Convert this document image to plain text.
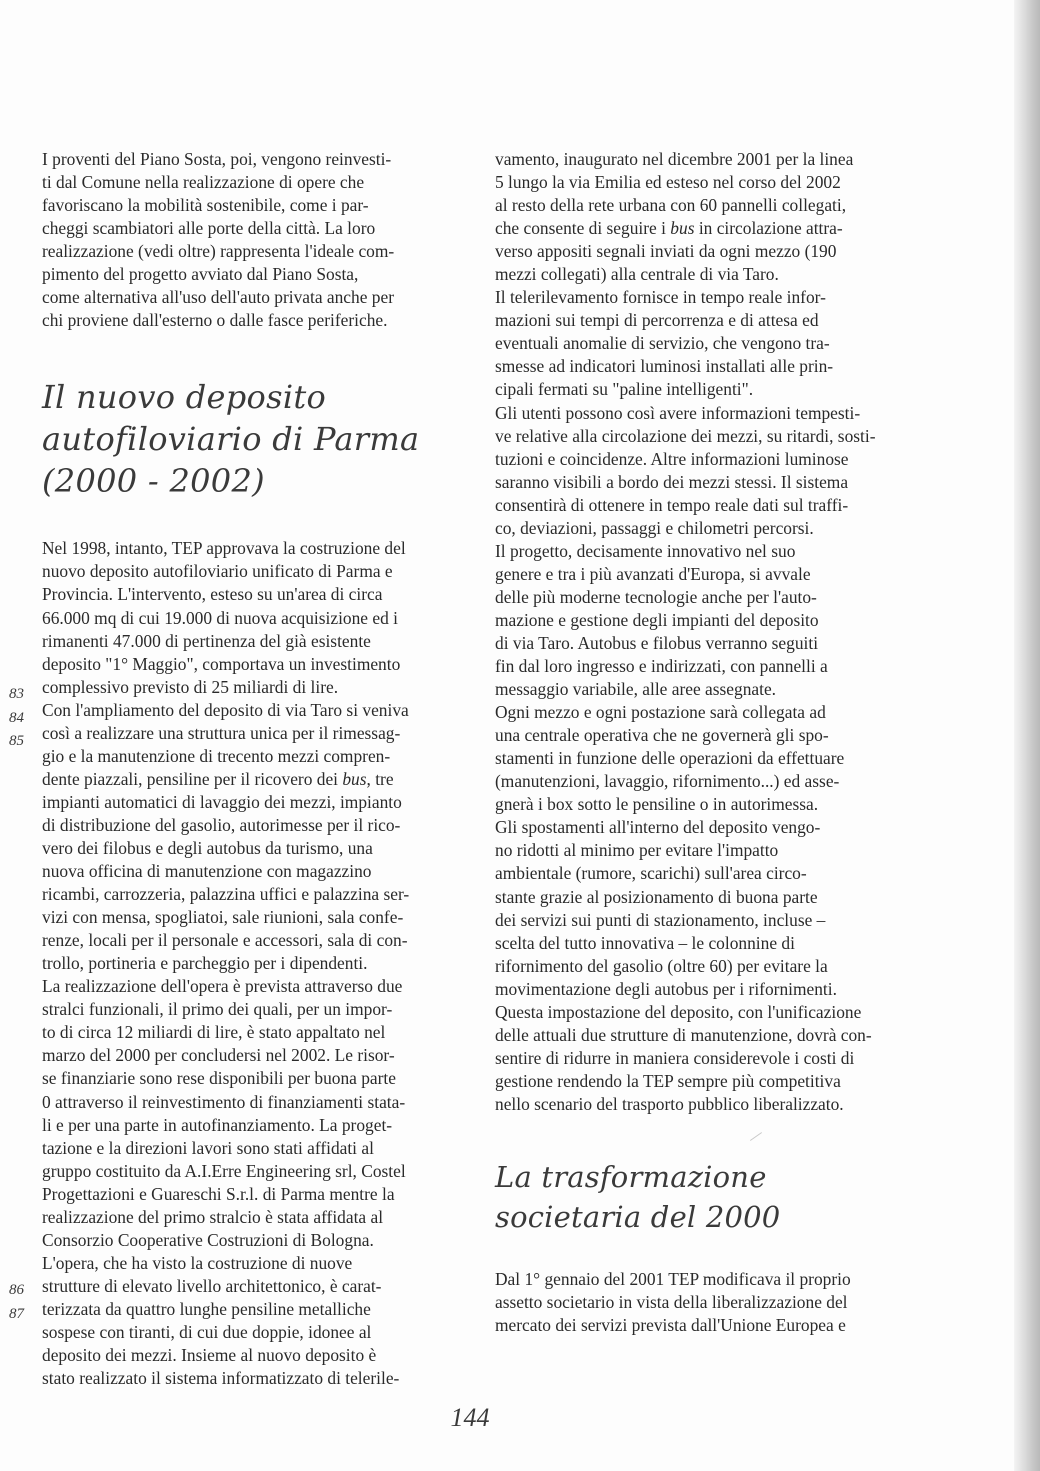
I proventi del Piano Sosta, poi, vengono reinvesti-
ti dal Comune nella realizzazione di opere che
favoriscano la mobilità sostenibile, come i par-
cheggi scambiatori alle porte della città. La loro
realizzazione (vedi oltre) rappresenta l'ideale com-
pimento del progetto avviato dal Piano Sosta,
come alternativa all'uso dell'auto privata anche per
chi proviene dall'esterno o dalle fasce periferiche.

Il nuovo deposito
autofiloviario di Parma
(2000 - 2002)

Nel 1998, intanto, TEP approvava la costruzione del
nuovo deposito autofiloviario unificato di Parma e
Provincia. L'intervento, esteso su un'area di circa
66.000 mq di cui 19.000 di nuova acquisizione ed i
rimanenti 47.000 di pertinenza del già esistente
deposito "1° Maggio", comportava un investimento
complessivo previsto di 25 miliardi di lire.

Con l'ampliamento del deposito di via Taro si veniva
così a realizzare una struttura unica per il rimessag-
gio e la manutenzione di trecento mezzi compren-
dente piazzali, pensiline per il ricovero dei bus, tre
impianti automatici di lavaggio dei mezzi, impianto
di distribuzione del gasolio, autorimesse per il rico-
vero dei filobus e degli autobus da turismo, una
nuova officina di manutenzione con magazzino
ricambi, carrozzeria, palazzina uffici e palazzina ser-
vizi con mensa, spogliatoi, sale riunioni, sala confe-
renze, locali per il personale e accessori, sala di con-
trollo, portineria e parcheggio per i dipendenti.

La realizzazione dell'opera è prevista attraverso due
stralci funzionali, il primo dei quali, per un impor-
to di circa 12 miliardi di lire, è stato appaltato nel
marzo del 2000 per concludersi nel 2002. Le risor-
se finanziarie sono rese disponibili per buona parte
0 attraverso il reinvestimento di finanziamenti stata-
li e per una parte in autofinanziamento. La proget-
tazione e la direzioni lavori sono stati affidati al
gruppo costituito da A.I.Erre Engineering srl, Costel
Progettazioni e Guareschi S.r.l. di Parma mentre la
realizzazione del primo stralcio è stata affidata al
Consorzio Cooperative Costruzioni di Bologna.
L'opera, che ha visto la costruzione di nuove
strutture di elevato livello architettonico, è carat-
terizzata da quattro lunghe pensiline metalliche
sospese con tiranti, di cui due doppie, idonee al
deposito dei mezzi. Insieme al nuovo deposito è
stato realizzato il sistema informatizzato di telerile-

vamento, inaugurato nel dicembre 2001 per la linea
5 lungo la via Emilia ed esteso nel corso del 2002
al resto della rete urbana con 60 pannelli collegati,
che consente di seguire i bus in circolazione attra-
verso appositi segnali inviati da ogni mezzo (190
mezzi collegati) alla centrale di via Taro.

Il telerilevamento fornisce in tempo reale infor-
mazioni sui tempi di percorrenza e di attesa ed
eventuali anomalie di servizio, che vengono tra-
smesse ad indicatori luminosi installati alle prin-
cipali fermati su "paline intelligenti".

Gli utenti possono così avere informazioni tempesti-
ve relative alla circolazione dei mezzi, su ritardi, sosti-
tuzioni e coincidenze. Altre informazioni luminose
saranno visibili a bordo dei mezzi stessi. Il sistema
consentirà di ottenere in tempo reale dati sul traffi-
co, deviazioni, passaggi e chilometri percorsi.

Il progetto, decisamente innovativo nel suo
genere e tra i più avanzati d'Europa, si avvale
delle più moderne tecnologie anche per l'auto-
mazione e gestione degli impianti del deposito
di via Taro. Autobus e filobus verranno seguiti
fin dal loro ingresso e indirizzati, con pannelli a
messaggio variabile, alle aree assegnate.

Ogni mezzo e ogni postazione sarà collegata ad
una centrale operativa che ne governerà gli spo-
stamenti in funzione delle operazioni da effettuare
(manutenzioni, lavaggio, rifornimento...) ed asse-
gnerà i box sotto le pensiline o in autorimessa.
Gli spostamenti all'interno del deposito vengo-
no ridotti al minimo per evitare l'impatto
ambientale (rumore, scarichi) sull'area circo-
stante grazie al posizionamento di buona parte
dei servizi sui punti di stazionamento, incluse –
scelta del tutto innovativa – le colonnine di
rifornimento del gasolio (oltre 60) per evitare la
movimentazione degli autobus per i rifornimenti.

Questa impostazione del deposito, con l'unificazione
delle attuali due strutture di manutenzione, dovrà con-
sentire di ridurre in maniera considerevole i costi di
gestione rendendo la TEP sempre più competitiva
nello scenario del trasporto pubblico liberalizzato.

La trasformazione
societaria del 2000

Dal 1° gennaio del 2001 TEP modificava il proprio
assetto societario in vista della liberalizzazione del
mercato dei servizi prevista dall'Unione Europea e

83
84
85
86
87
144
